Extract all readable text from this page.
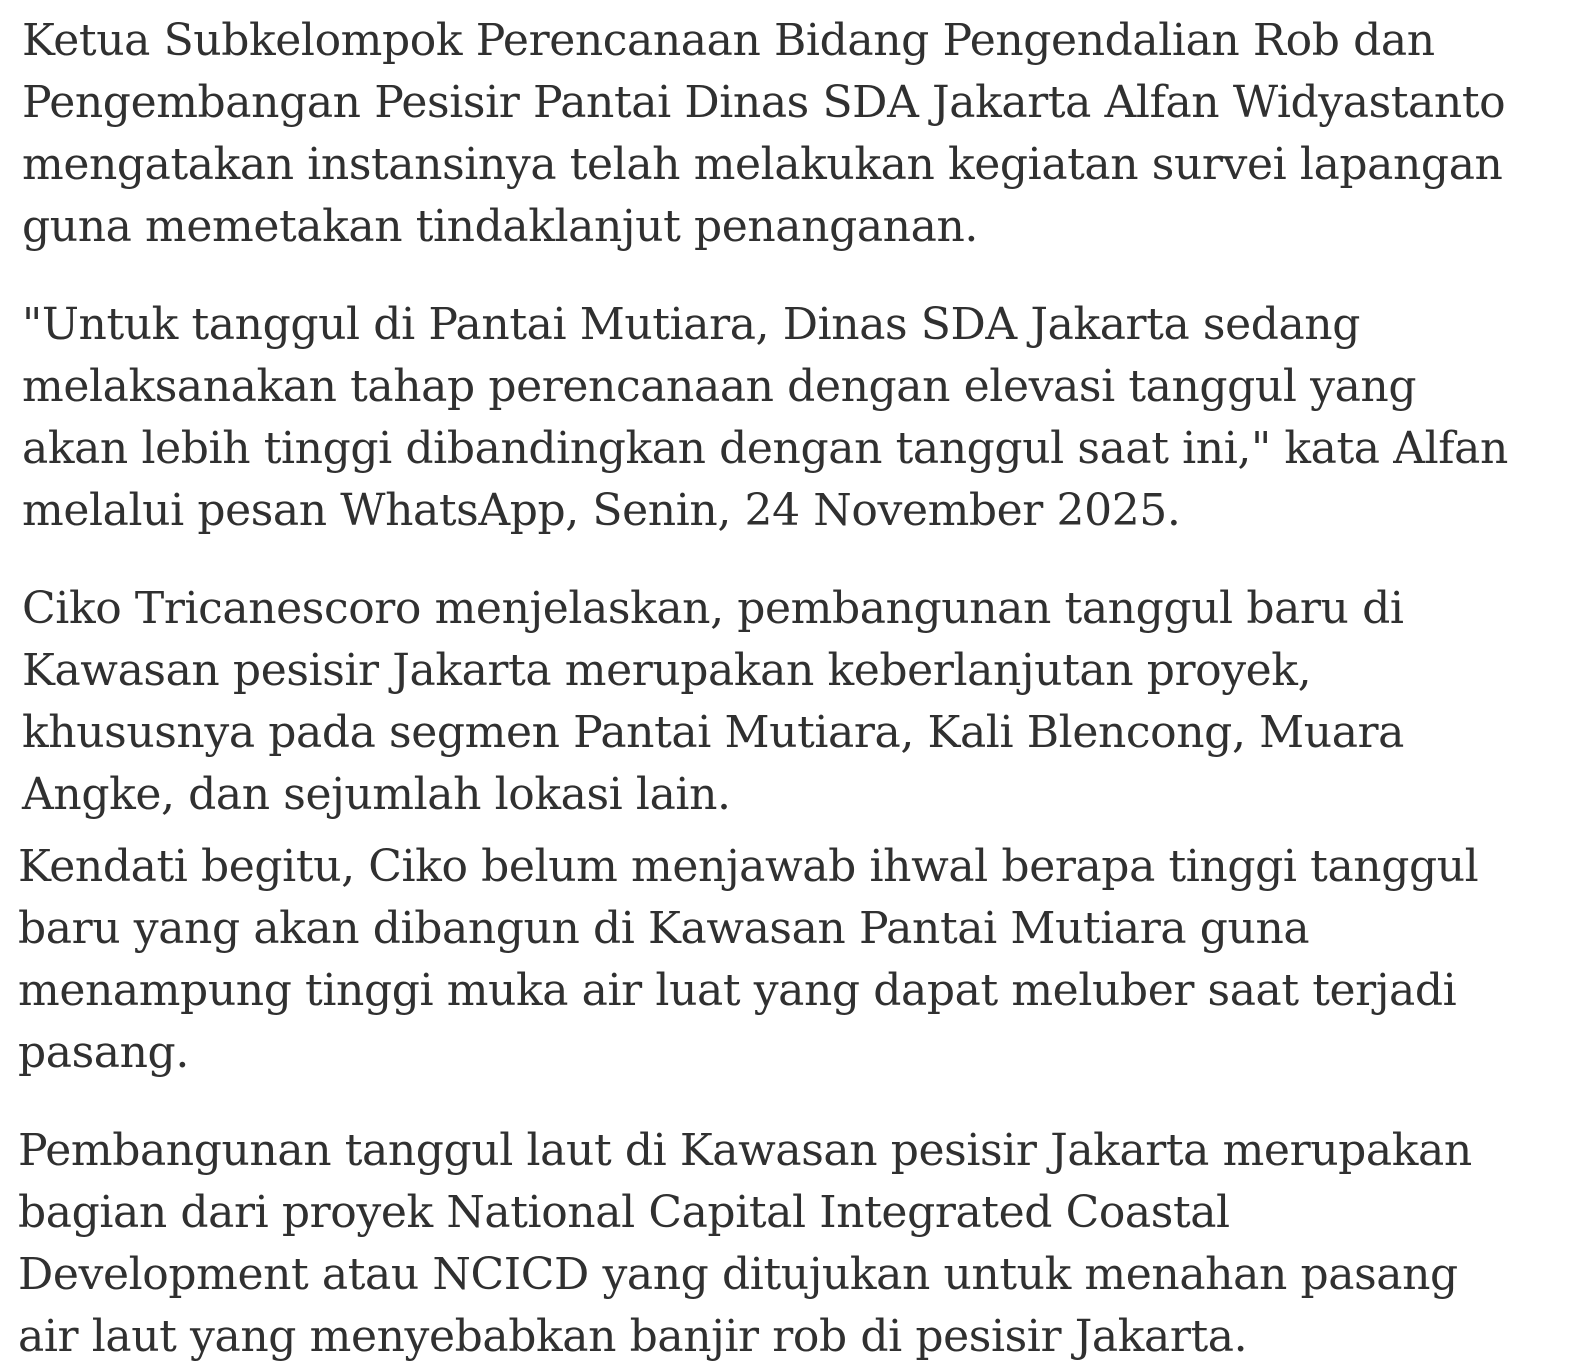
Ketua Subkelompok Perencanaan Bidang Pengendalian Rob dan
Pengembangan Pesisir Pantai Dinas SDA Jakarta Alfan Widyastanto
mengatakan instansinya telah melakukan kegiatan survei lapangan
guna memetakan tindaklanjut penanganan.

"Untuk tanggul di Pantai Mutiara, Dinas SDA Jakarta sedang
melaksanakan tahap perencanaan dengan elevasi tanggul yang
akan lebih tinggi dibandingkan dengan tanggul saat ini," kata Alfan
melalui pesan WhatsApp, Senin, 24 November 2025.

Ciko Tricanescoro menjelaskan, pembangunan tanggul baru di
Kawasan pesisir Jakarta merupakan keberlanjutan proyek,
khususnya pada segmen Pantai Mutiara, Kali Blencong, Muara
Angke, dan sejumlah lokasi lain.

Kendati begitu, Ciko belum menjawab ihwal berapa tinggi tanggul
baru yang akan dibangun di Kawasan Pantai Mutiara guna
menampung tinggi muka air luat yang dapat meluber saat terjadi
pasang.

Pembangunan tanggul laut di Kawasan pesisir Jakarta merupakan
bagian dari proyek National Capital Integrated Coastal
Development atau NCICD yang ditujukan untuk menahan pasang
air laut yang menyebabkan banjir rob di pesisir Jakarta.
